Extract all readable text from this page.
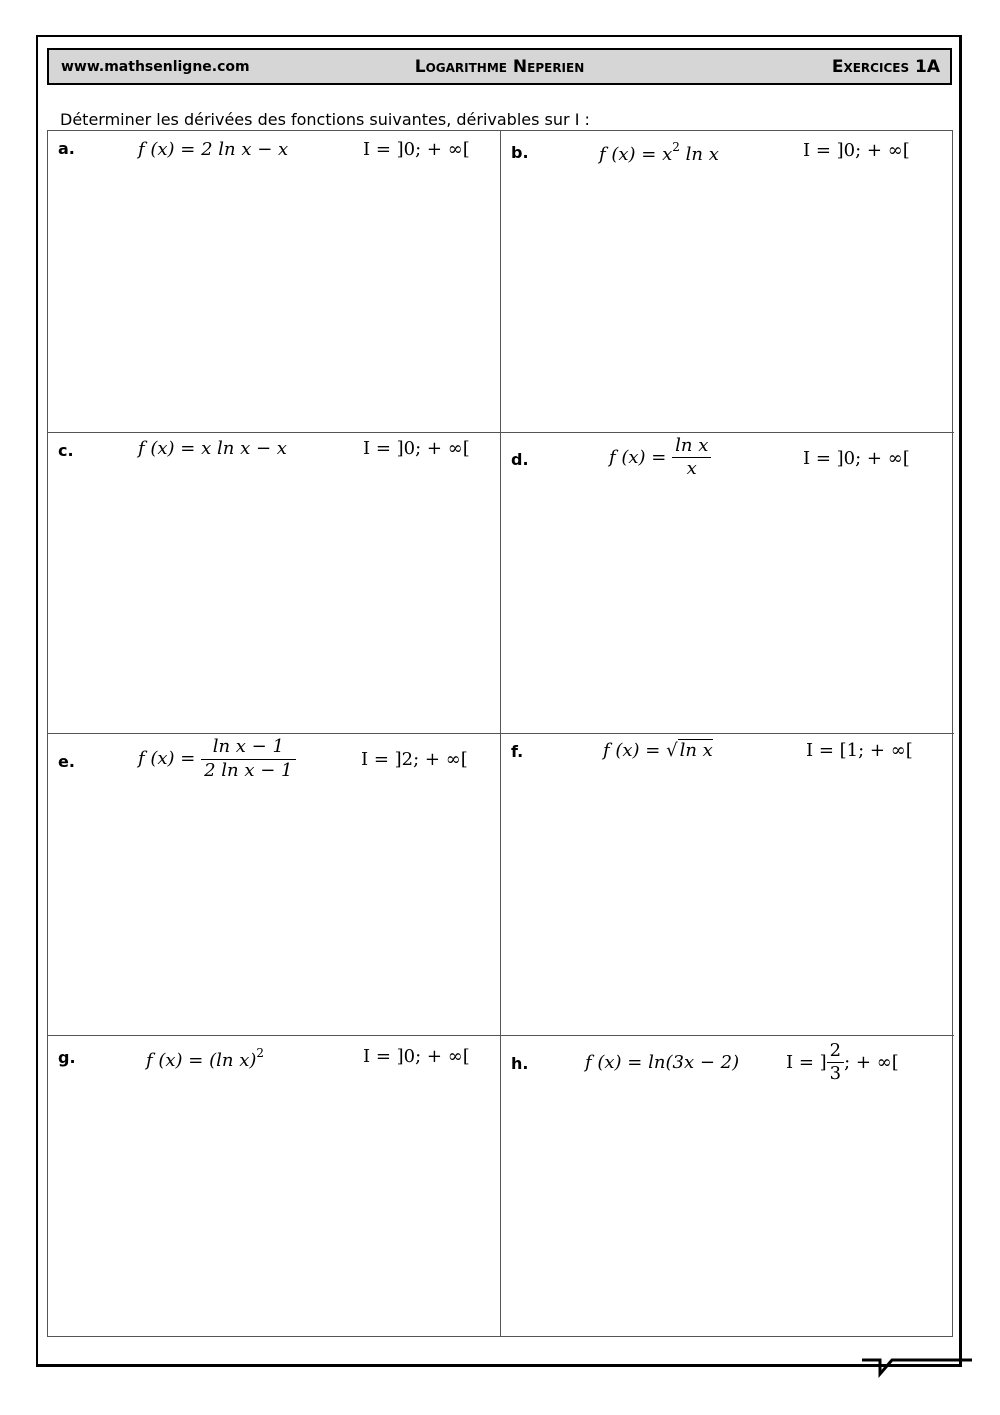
www.mathsenligne.com	Logarithme Neperien	Exercices 1A
Déterminer les dérivées des fonctions suivantes, dérivables sur I :
a.	f (x) = 2 ln x − x	I = ]0; + ∞[	b.	f $(x) = x^2$ ln x	I = ]0; + ∞[
c.	f (x) = x ln x − x	I = ]0; + ∞[
d.	f $(x) = \frac{\text{ln x}}{x}$	I = ]0; + ∞[
e.	f $(x) = \frac{\text{ln x − 1}}{\text{2 ln x − 1}}$	I = ]2; + ∞[	f.	f (x) = √ ln x	I = [1; + ∞[
g.	f (x) = (ln x)$^2$	I = ]0; + ∞[	h.	f (x) = ln(3x − 2)	I = ] $\frac{2}{3}$ ; + ∞[
